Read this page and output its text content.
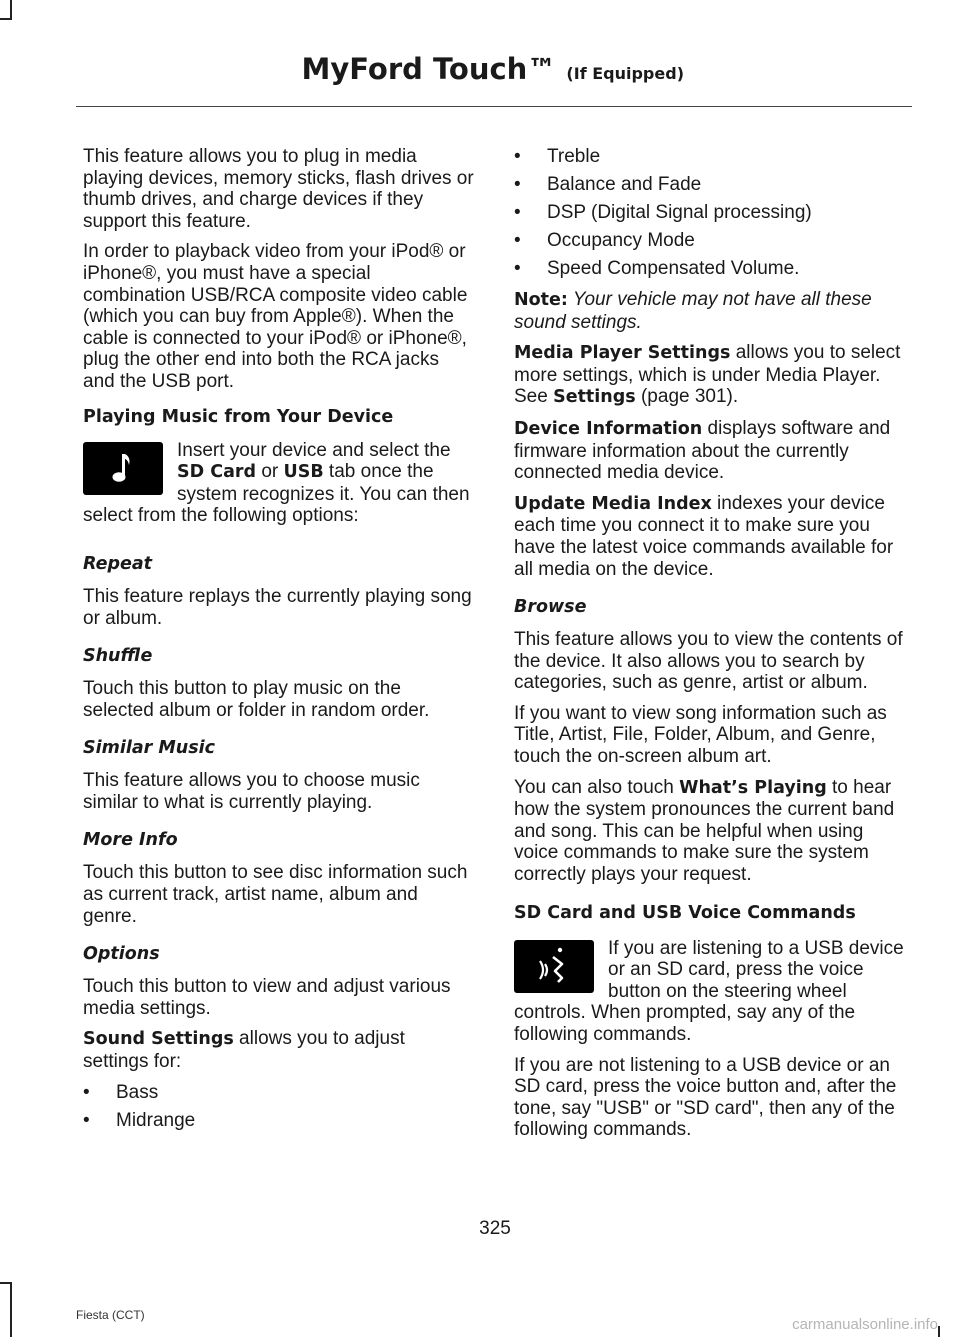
MyFord Touch™ (If Equipped)

This feature allows you to plug in media playing devices, memory sticks, flash drives or thumb drives, and charge devices if they support this feature.

In order to playback video from your iPod® or iPhone®, you must have a special combination USB/RCA composite video cable (which you can buy from Apple®). When the cable is connected to your iPod® or iPhone®, plug the other end into both the RCA jacks and the USB port.

Playing Music from Your Device

Insert your device and select the SD Card or USB tab once the system recognizes it. You can then select from the following options:

Repeat

This feature replays the currently playing song or album.

Shuffle

Touch this button to play music on the selected album or folder in random order.

Similar Music

This feature allows you to choose music similar to what is currently playing.

More Info

Touch this button to see disc information such as current track, artist name, album and genre.

Options

Touch this button to view and adjust various media settings.

Sound Settings allows you to adjust settings for:

• Bass
• Midrange
• Treble
• Balance and Fade
• DSP (Digital Signal processing)
• Occupancy Mode
• Speed Compensated Volume.

Note: Your vehicle may not have all these sound settings.

Media Player Settings allows you to select more settings, which is under Media Player. See Settings (page 301).

Device Information displays software and firmware information about the currently connected media device.

Update Media Index indexes your device each time you connect it to make sure you have the latest voice commands available for all media on the device.

Browse

This feature allows you to view the contents of the device. It also allows you to search by categories, such as genre, artist or album.

If you want to view song information such as Title, Artist, File, Folder, Album, and Genre, touch the on-screen album art.

You can also touch What’s Playing to hear how the system pronounces the current band and song. This can be helpful when using voice commands to make sure the system correctly plays your request.

SD Card and USB Voice Commands

If you are listening to a USB device or an SD card, press the voice button on the steering wheel controls. When prompted, say any of the following commands.

If you are not listening to a USB device or an SD card, press the voice button and, after the tone, say "USB" or "SD card", then any of the following commands.

325
Fiesta (CCT)
carmanualsonline.info
